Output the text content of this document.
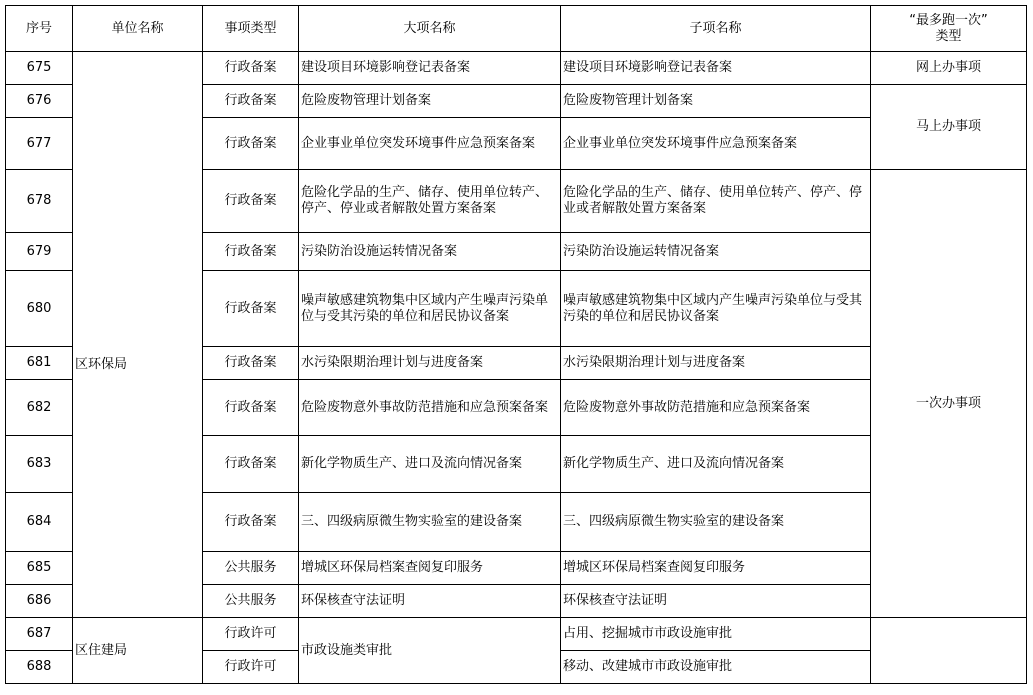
序号	单位名称	事项类型	大项名称	子项名称	“最多跑一次”
类型

675	区环保局	行政备案	建设项目环境影响登记表备案	建设项目环境影响登记表备案	网上办事项
676		行政备案	危险废物管理计划备案	危险废物管理计划备案	马上办事项
677		行政备案	企业事业单位突发环境事件应急预案备案	企业事业单位突发环境事件应急预案备案	
678		行政备案	危险化学品的生产、储存、使用单位转产、停产、停业或者解散处置方案备案	危险化学品的生产、储存、使用单位转产、停产、停业或者解散处置方案备案	一次办事项
679		行政备案	污染防治设施运转情况备案	污染防治设施运转情况备案	
680		行政备案	噪声敏感建筑物集中区域内产生噪声污染单位与受其污染的单位和居民协议备案	噪声敏感建筑物集中区域内产生噪声污染单位与受其污染的单位和居民协议备案	
681		行政备案	水污染限期治理计划与进度备案	水污染限期治理计划与进度备案	
682		行政备案	危险废物意外事故防范措施和应急预案备案	危险废物意外事故防范措施和应急预案备案	
683		行政备案	新化学物质生产、进口及流向情况备案	新化学物质生产、进口及流向情况备案	
684		行政备案	三、四级病原微生物实验室的建设备案	三、四级病原微生物实验室的建设备案	
685		公共服务	增城区环保局档案查阅复印服务	增城区环保局档案查阅复印服务	
686		公共服务	环保核查守法证明	环保核查守法证明	
687	区住建局	行政许可	市政设施类审批	占用、挖掘城市市政设施审批	
688		行政许可		移动、改建城市市政设施审批	
